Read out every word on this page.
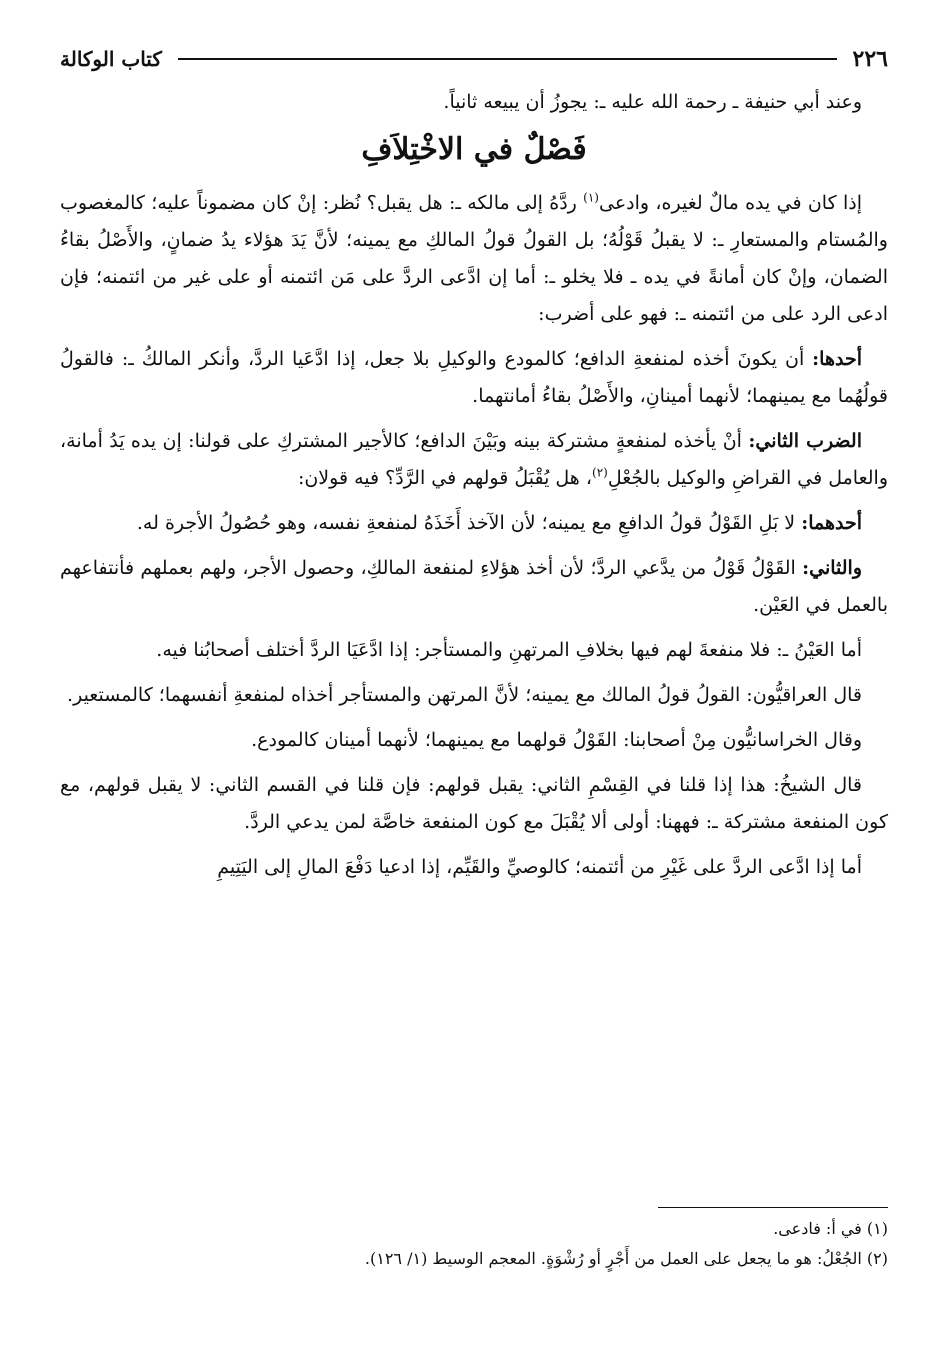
٢٢٦
كتاب الوكالة

وعند أبي حنيفة ـ رحمة الله عليه ـ: يجوزُ أن يبيعه ثانياً.

فَصْلٌ في الاخْتِلاَفِ

إذا كان في يده مالٌ لغيره، وادعى$^{(١)}$ ردَّهُ إلى مالكه ـ: هل يقبل؟ نُظر: إنْ كان مضموناً عليه؛ كالمغصوب والمُستام والمستعارِ ـ: لا يقبلُ قَوْلُهُ؛ بل القولُ قولُ المالكِ مع يمينه؛ لأنَّ يَدَ هؤلاء يدُ ضمانٍ، والأَصْلُ بقاءُ الضمان، وإنْ كان أمانةً في يده ـ فلا يخلو ـ: أما إن ادَّعى الردَّ على مَن ائتمنه أو على غير من ائتمنه؛ فإن ادعى الرد على من ائتمنه ـ: فهو على أضرب:

أحدها: أن يكونَ أخذه لمنفعةِ الدافع؛ كالمودع والوكيلِ بلا جعل، إذا ادَّعَيا الردَّ، وأنكر المالكُ ـ: فالقولُ قولُهُما مع يمينهما؛ لأنهما أمينانِ، والأَصْلُ بقاءُ أمانتهما.

الضرب الثاني: أنْ يأخذه لمنفعةٍ مشتركة بينه وبَيْنَ الدافع؛ كالأجير المشتركِ على قولنا: إن يده يَدُ أمانة، والعامل في القراضِ والوكيل بالجُعْلِ$^{(٢)}$، هل يُقْبَلُ قولهم في الرَّدِّ؟ فيه قولان:

أحدهما: لا بَلِ القَوْلُ قولُ الدافعِ مع يمينه؛ لأن الآخذ أَخَذَهُ لمنفعةِ نفسه، وهو حُصُولُ الأجرة له.

والثاني: القَوْلُ قَوْلُ من يدَّعي الردَّ؛ لأن أخذ هؤلاءِ لمنفعة المالكِ، وحصول الأجر، ولهم بعملهم فأنتفاعهم بالعمل في العَيْن.

أما العَيْنُ ـ: فلا منفعةَ لهم فيها بخلافِ المرتهنِ والمستأجر: إذا ادَّعَيَا الردَّ أختلف أصحابُنا فيه.

قال العراقيُّون: القولُ قولُ المالك مع يمينه؛ لأنَّ المرتهن والمستأجر أخذاه لمنفعةِ أنفسهما؛ كالمستعير.

وقال الخراسانيُّون مِنْ أصحابنا: القَوْلُ قولهما مع يمينهما؛ لأنهما أمينان كالمودع.

قال الشيخُ: هذا إذا قلنا في القِسْمِ الثاني: يقبل قولهم: فإن قلنا في القسم الثاني: لا يقبل قولهم، مع كون المنفعة مشتركة ـ: فههنا: أولى ألا يُقْبَلَ مع كون المنفعة خاصَّة لمن يدعي الردَّ.

أما إذا ادَّعى الردَّ على غَيْرِ من أئتمنه؛ كالوصيِّ والقَيِّم، إذا ادعيا دَفْعَ المالِ إلى اليَتِيمِ

(١) في أ: فادعى.
(٢) الجُعْلُ: هو ما يجعل على العمل من أَجْرٍ أو رُشْوَةٍ. المعجم الوسيط (١/ ١٢٦).
